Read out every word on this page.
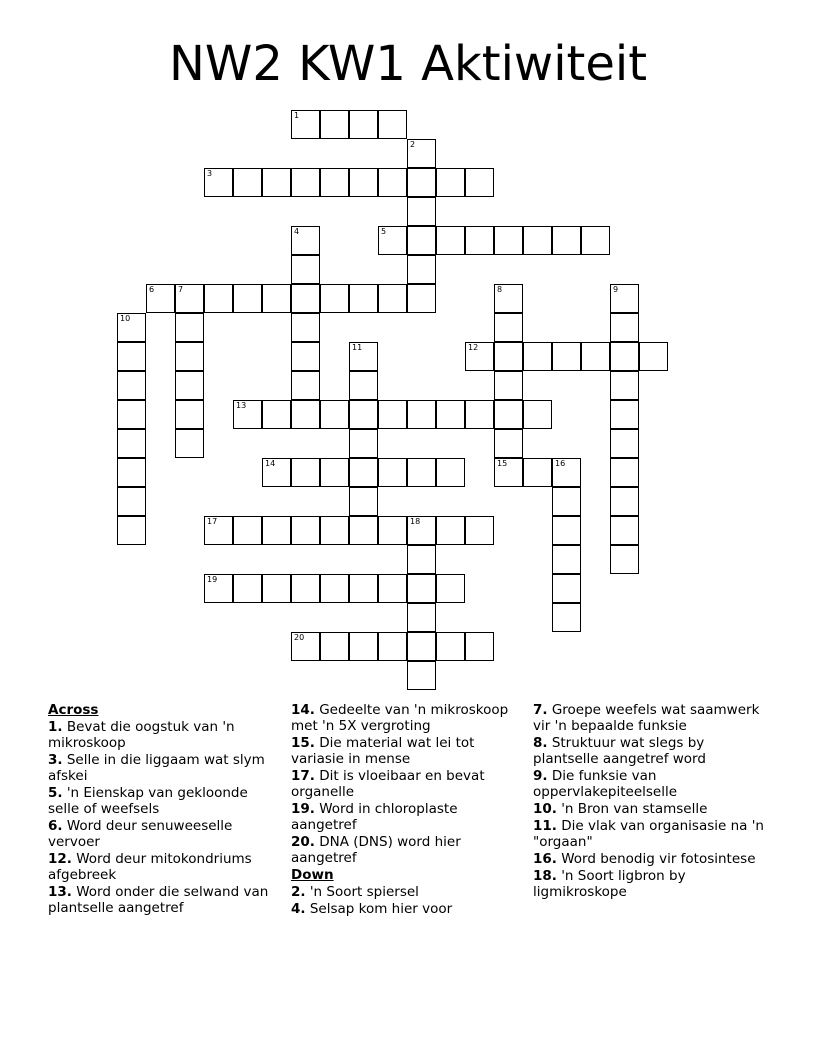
NW2 KW1 Aktiwiteit
1
2
3
4	5
6	7	8
15
9
10
11	12
13
14	16
17	18
19
20
Across
1. Bevat die oogstuk van 'n mikroskoop
3. Selle in die liggaam wat slym afskei
5. 'n Eienskap van gekloonde selle of weefsels
6. Word deur senuweeselle vervoer
12. Word deur mitokondriums afgebreek
13. Word onder die selwand van plantselle aangetref
14. Gedeelte van 'n mikroskoop met 'n 5X vergroting
15. Die material wat lei tot variasie in mense
17. Dit is vloeibaar en bevat organelle
19. Word in chloroplaste aangetref
20. DNA (DNS) word hier aangetref
Down
2. 'n Soort spiersel
4. Selsap kom hier voor
7. Groepe weefels wat saamwerk vir 'n bepaalde funksie
8. Struktuur wat slegs by plantselle aangetref word
9. Die funksie van oppervlakepiteelselle
10. 'n Bron van stamselle
11. Die vlak van organisasie na 'n "orgaan"
16. Word benodig vir fotosintese
18. 'n Soort ligbron by ligmikroskope
